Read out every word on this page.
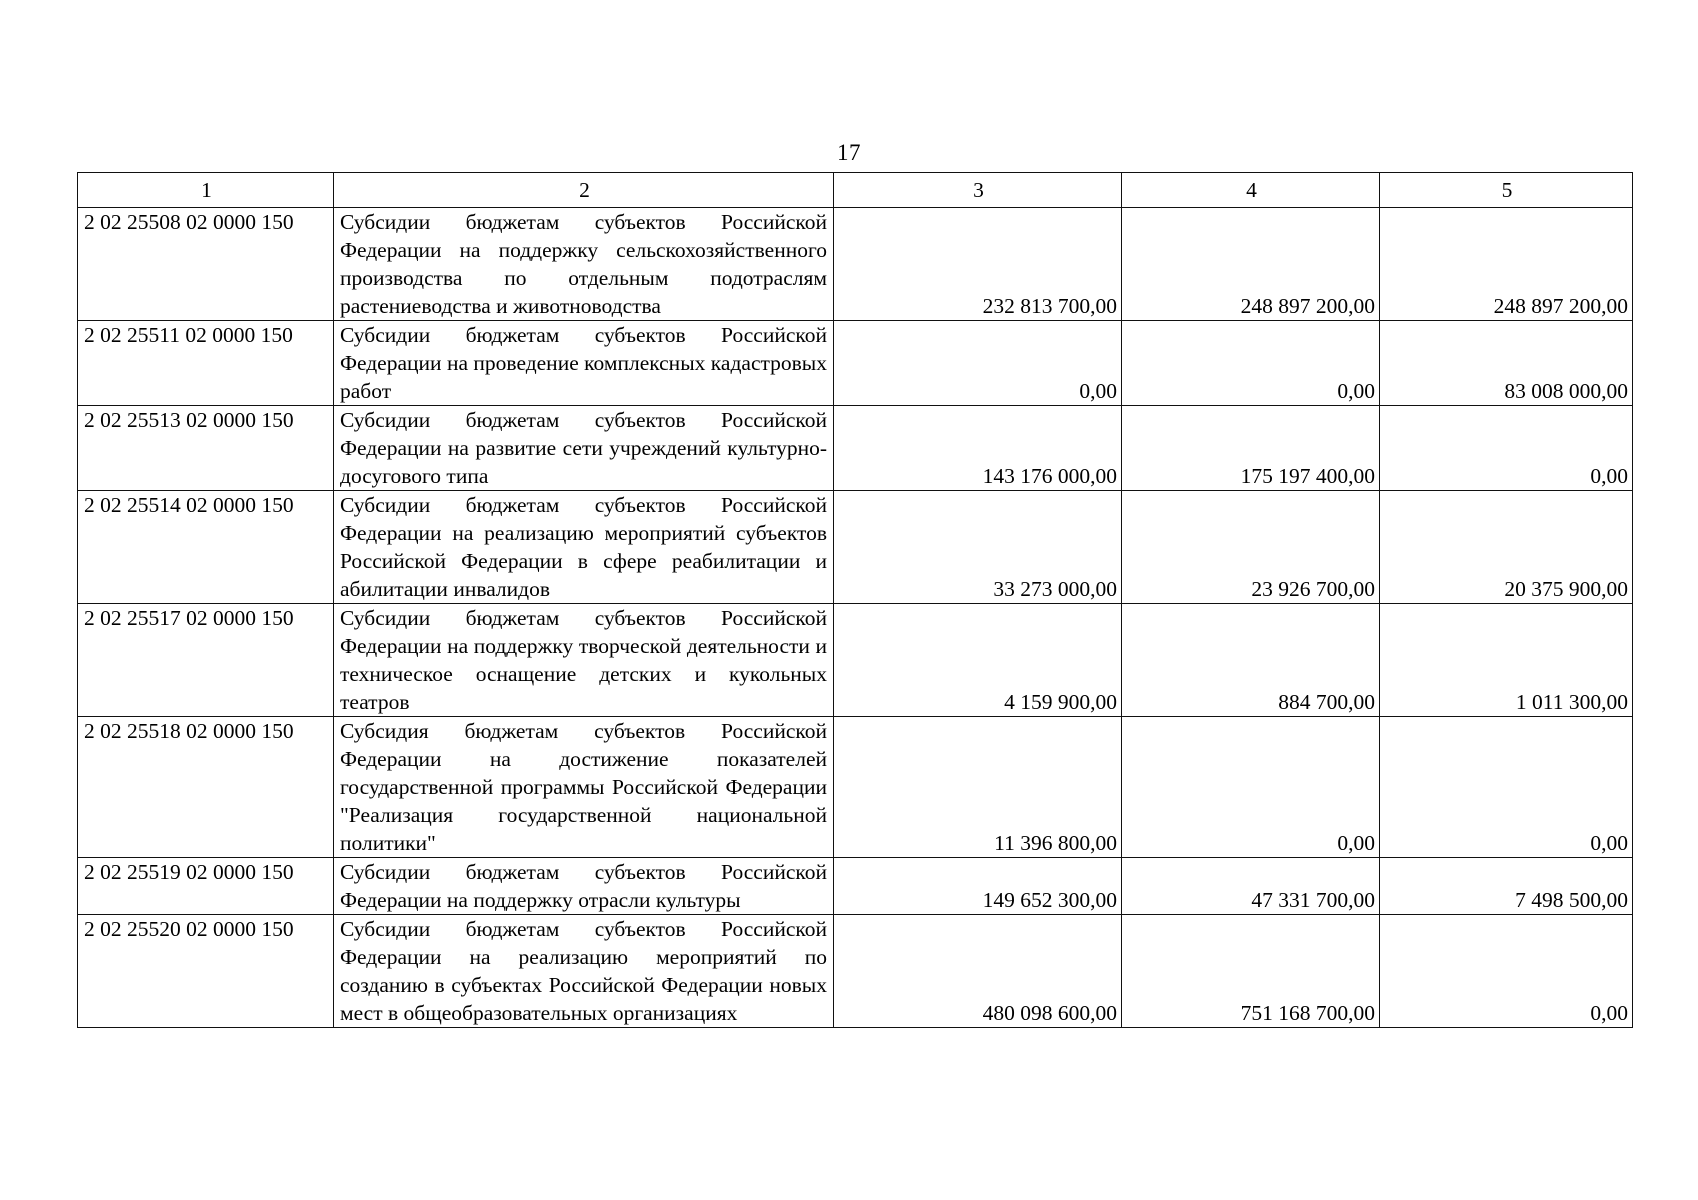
17
1	2	3	4	5
2 02 25508 02 0000 150	Субсидии бюджетам субъектов Российской Федерации на поддержку сельскохозяйственного производства по отдельным подотраслям растениеводства и животноводства	232 813 700,00	248 897 200,00	248 897 200,00
2 02 25511 02 0000 150	Субсидии бюджетам субъектов Российской Федерации на проведение комплексных кадастровых работ	0,00	0,00	83 008 000,00
2 02 25513 02 0000 150	Субсидии бюджетам субъектов Российской Федерации на развитие сети учреждений культурно-досугового типа	143 176 000,00	175 197 400,00	0,00
2 02 25514 02 0000 150	Субсидии бюджетам субъектов Российской Федерации на реализацию мероприятий субъектов Российской Федерации в сфере реабилитации и абилитации инвалидов	33 273 000,00	23 926 700,00	20 375 900,00
2 02 25517 02 0000 150	Субсидии бюджетам субъектов Российской Федерации на поддержку творческой деятельности и техническое оснащение детских и кукольных театров	4 159 900,00	884 700,00	1 011 300,00
2 02 25518 02 0000 150	Субсидия бюджетам субъектов Российской Федерации на достижение показателей государственной программы Российской Федерации "Реализация государственной национальной политики"	11 396 800,00	0,00	0,00
2 02 25519 02 0000 150	Субсидии бюджетам субъектов Российской Федерации на поддержку отрасли культуры	149 652 300,00	47 331 700,00	7 498 500,00
2 02 25520 02 0000 150	Субсидии бюджетам субъектов Российской Федерации на реализацию мероприятий по созданию в субъектах Российской Федерации новых мест в общеобразовательных организациях	480 098 600,00	751 168 700,00	0,00
